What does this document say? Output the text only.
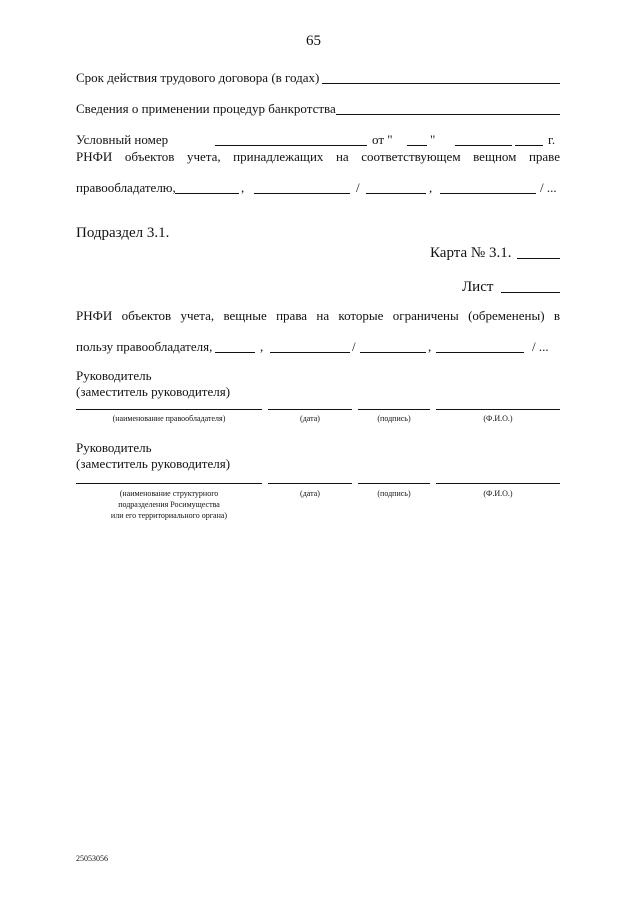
65
Срок действия трудового договора (в годах)
Сведения о применении процедур банкротства
Условный номер	от "	"	г.
РНФИ объектов учета, принадлежащих на соответствующем вещном праве
правообладателю,	,	/	,	/ ...
Подраздел 3.1.
Карта № 3.1.
Лист
РНФИ объектов учета, вещные права на которые ограничены (обременены) в
пользу правообладателя,	,	/	,	/ ...
Руководитель
(заместитель руководителя)
(наименование правообладателя)	(дата)	(подпись)	(Ф.И.О.)
Руководитель
(заместитель руководителя)
(наименование структурного
подразделения Росимущества
или его территориального органа)
(дата)	(подпись)	(Ф.И.О.)
25053056
